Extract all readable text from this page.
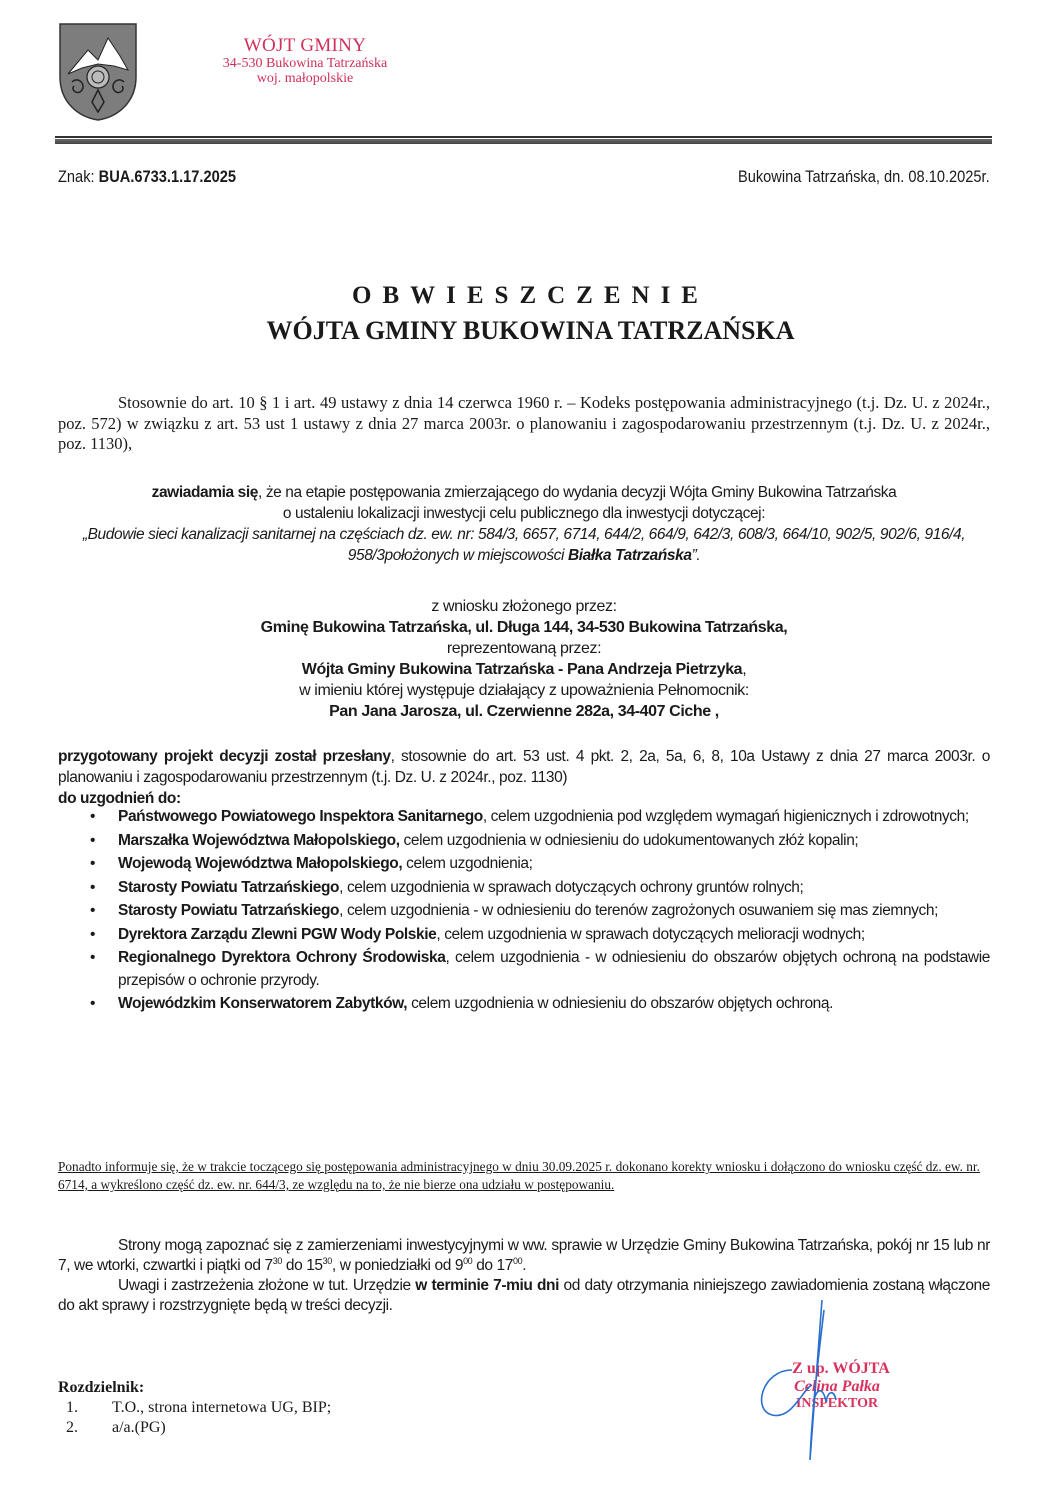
WÓJT GMINY
34-530 Bukowina Tatrzańska
woj. małopolskie
Znak: BUA.6733.1.17.2025	Bukowina Tatrzańska, dn. 08.10.2025r.
OBWIESZCZENIE
WÓJTA GMINY BUKOWINA TATRZAŃSKA
Stosownie do art. 10 § 1 i art. 49 ustawy z dnia 14 czerwca 1960 r. – Kodeks postępowania administracyjnego (t.j. Dz. U. z 2024r., poz. 572) w związku z art. 53 ust 1 ustawy z dnia 27 marca 2003r. o planowaniu i zagospodarowaniu przestrzennym (t.j. Dz. U. z 2024r., poz. 1130),
zawiadamia się, że na etapie postępowania zmierzającego do wydania decyzji Wójta Gminy Bukowina Tatrzańska
o ustaleniu lokalizacji inwestycji celu publicznego dla inwestycji dotyczącej:
„Budowie sieci kanalizacji sanitarnej na częściach dz. ew. nr: 584/3, 6657, 6714, 644/2, 664/9, 642/3, 608/3, 664/10, 902/5, 902/6, 916/4, 958/3położonych w miejscowości Białka Tatrzańska”.
z wniosku złożonego przez:
Gminę Bukowina Tatrzańska, ul. Długa 144, 34-530 Bukowina Tatrzańska,
reprezentowaną przez:
Wójta Gminy Bukowina Tatrzańska - Pana Andrzeja Pietrzyka,
w imieniu której występuje działający z upoważnienia Pełnomocnik:
Pan Jana Jarosza, ul. Czerwienne 282a, 34-407 Ciche ,
przygotowany projekt decyzji został przesłany, stosownie do art. 53 ust. 4 pkt. 2, 2a, 5a, 6, 8, 10a Ustawy z dnia 27 marca 2003r. o planowaniu i zagospodarowaniu przestrzennym (t.j. Dz. U. z 2024r., poz. 1130)
do uzgodnień do:
• Państwowego Powiatowego Inspektora Sanitarnego, celem uzgodnienia pod względem wymagań higienicznych i zdrowotnych;
• Marszałka Województwa Małopolskiego, celem uzgodnienia w odniesieniu do udokumentowanych złóż kopalin;
• Wojewodą Województwa Małopolskiego, celem uzgodnienia;
• Starosty Powiatu Tatrzańskiego, celem uzgodnienia w sprawach dotyczących ochrony gruntów rolnych;
• Starosty Powiatu Tatrzańskiego, celem uzgodnienia - w odniesieniu do terenów zagrożonych osuwaniem się mas ziemnych;
• Dyrektora Zarządu Zlewni PGW Wody Polskie, celem uzgodnienia w sprawach dotyczących melioracji wodnych;
• Regionalnego Dyrektora Ochrony Środowiska, celem uzgodnienia - w odniesieniu do obszarów objętych ochroną na podstawie przepisów o ochronie przyrody.
• Wojewódzkim Konserwatorem Zabytków, celem uzgodnienia w odniesieniu do obszarów objętych ochroną.
Ponadto informuje się, że w trakcie toczącego się postępowania administracyjnego w dniu 30.09.2025 r. dokonano korekty wniosku i dołączono do wniosku część dz. ew. nr. 6714, a wykreślono część dz. ew. nr. 644/3, ze względu na to, że nie bierze ona udziału w postępowaniu.
Strony mogą zapoznać się z zamierzeniami inwestycyjnymi w ww. sprawie w Urzędzie Gminy Bukowina Tatrzańska, pokój nr 15 lub nr 7, we wtorki, czwartki i piątki od $7^{30}$ do $15^{30}$, w poniedziałki od $9^{00}$ do $17^{00}$.
Uwagi i zastrzeżenia złożone w tut. Urzędzie w terminie 7-miu dni od daty otrzymania niniejszego zawiadomienia zostaną włączone do akt sprawy i rozstrzygnięte będą w treści decyzji.
Rozdzielnik:
1.	T.O., strona internetowa UG, BIP;
2.	a/a.(PG)
Z up. WÓJTA
Celina Pałka
INSPEKTOR
